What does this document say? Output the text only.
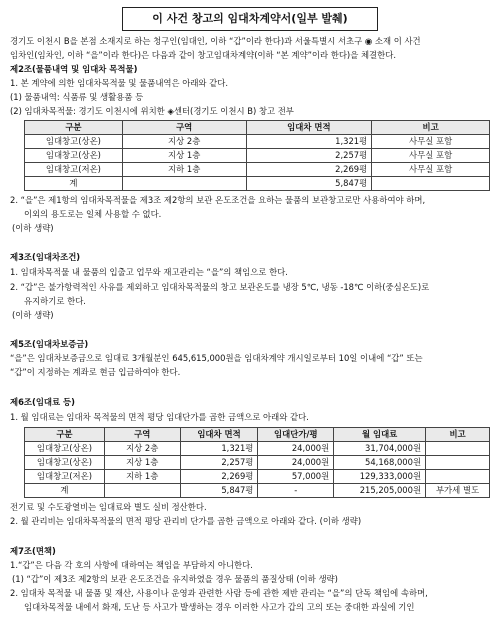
이 사건 창고의 임대차계약서(일부 발췌)
경기도 이천시 B을 본점 소재지로 하는 청구인(임대인, 이하 “갑”이라 한다)과 서울특별시 서초구 ◉ 소재 이 사건
임차인(임차인, 이하 “을”이라 한다)은 다음과 같이 창고임대차계약(이하 “본 계약”이라 한다)을 체결한다.
제2조(물품내역 및 임대차 목적물)
1. 본 계약에 의한 임대차목적물 및 물품내역은 아래와 같다.
(1) 물품내역: 식품류 및 생활용품 등
(2) 임대차목적물: 경기도 이천시에 위치한 ◈센터(경기도 이천시 B) 창고 전부
구분	구역	임대차 면적	비고
임대창고(상온)	지상 2층	1,321평	사무실 포함
임대창고(상온)	지상 1층	2,257평	사무실 포함
임대창고(저온)	지하 1층	2,269평	사무실 포함
계		5,847평	
2. “을”은 제1항의 임대차목적물을 제3조 제2항의 보관 온도조건을 요하는 물품의 보관창고로만 사용하여야 하며,
이외의 용도로는 일체 사용할 수 없다.
(이하 생략)
제3조(임대차조건)
1. 임대차목적물 내 물품의 입출고 업무와 재고관리는 “을”의 책임으로 한다.
2. “갑”은 불가항력적인 사유를 제외하고 임대차목적물의 창고 보관온도를 냉장 5℃, 냉동 -18℃ 이하(중심온도)로
유지하기로 한다.
(이하 생략)
제5조(임대차보증금)
“을”은 임대차보증금으로 임대료 3개월분인 645,615,000원을 임대차계약 개시일로부터 10일 이내에 “갑” 또는
“갑”이 지정하는 계좌로 현금 입금하여야 한다.
제6조(임대료 등)
1. 월 임대료는 임대차 목적물의 면적 평당 임대단가를 곱한 금액으로 아래와 같다.
구분	구역	임대차 면적	임대단가/평	월 임대료	비고
임대창고(상온)	지상 2층	1,321평	24,000원	31,704,000원	
임대창고(상온)	지상 1층	2,257평	24,000원	54,168,000원	
임대창고(저온)	지하 1층	2,269평	57,000원	129,333,000원	
계		5,847평	-	215,205,000원	부가세 별도
전기료 및 수도광열비는 임대료와 별도 실비 정산한다.
2. 월 관리비는 임대차목적물의 면적 평당 관리비 단가를 곱한 금액으로 아래와 같다. (이하 생략)
제7조(면책)
1.“갑”은 다음 각 호의 사항에 대하여는 책임을 부담하지 아니한다.
(1) “갑”이 제3조 제2항의 보관 온도조건을 유지하였을 경우 물품의 품질상태 (이하 생략)
2. 임대차 목적물 내 물품 및 재산, 사용이나 운영과 관련한 사람 등에 관한 제반 관리는 “을”의 단독 책임에 속하며,
임대차목적물 내에서 화재, 도난 등 사고가 발생하는 경우 이러한 사고가 갑의 고의 또는 중대한 과실에 기인
